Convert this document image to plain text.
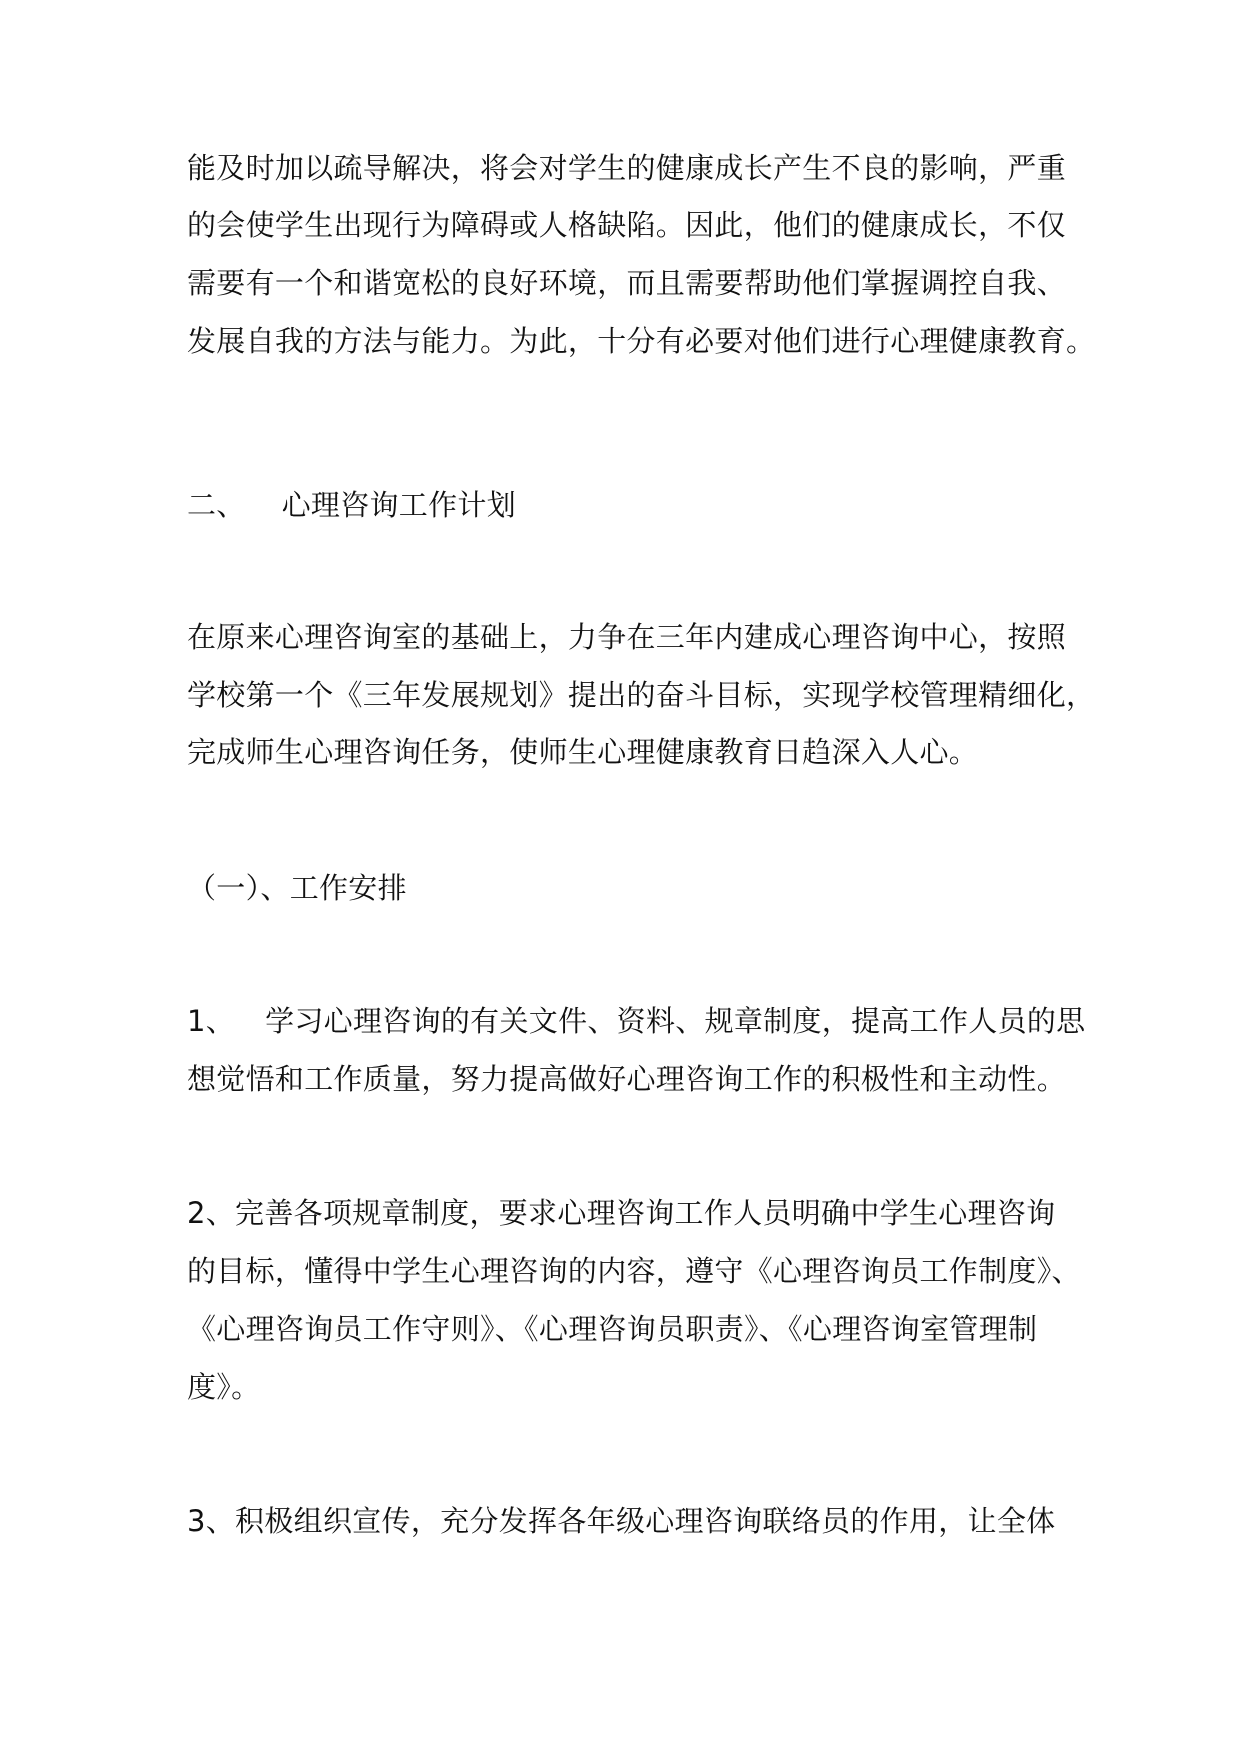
能及时加以疏导解决，将会对学生的健康成长产生不良的影响，严重
的会使学生出现行为障碍或人格缺陷。因此，他们的健康成长，不仅
需要有一个和谐宽松的良好环境，而且需要帮助他们掌握调控自我、
发展自我的方法与能力。为此，十分有必要对他们进行心理健康教育。
二、 心理咨询工作计划
在原来心理咨询室的基础上，力争在三年内建成心理咨询中心，按照
学校第一个《三年发展规划》提出的奋斗目标，实现学校管理精细化，
完成师生心理咨询任务，使师生心理健康教育日趋深入人心。
（一）、工作安排
1、 学习心理咨询的有关文件、资料、规章制度，提高工作人员的思
想觉悟和工作质量，努力提高做好心理咨询工作的积极性和主动性。
2、完善各项规章制度，要求心理咨询工作人员明确中学生心理咨询
的目标，懂得中学生心理咨询的内容，遵守《心理咨询员工作制度》、
《心理咨询员工作守则》、《心理咨询员职责》、《心理咨询室管理制
度》。
3、积极组织宣传，充分发挥各年级心理咨询联络员的作用，让全体
